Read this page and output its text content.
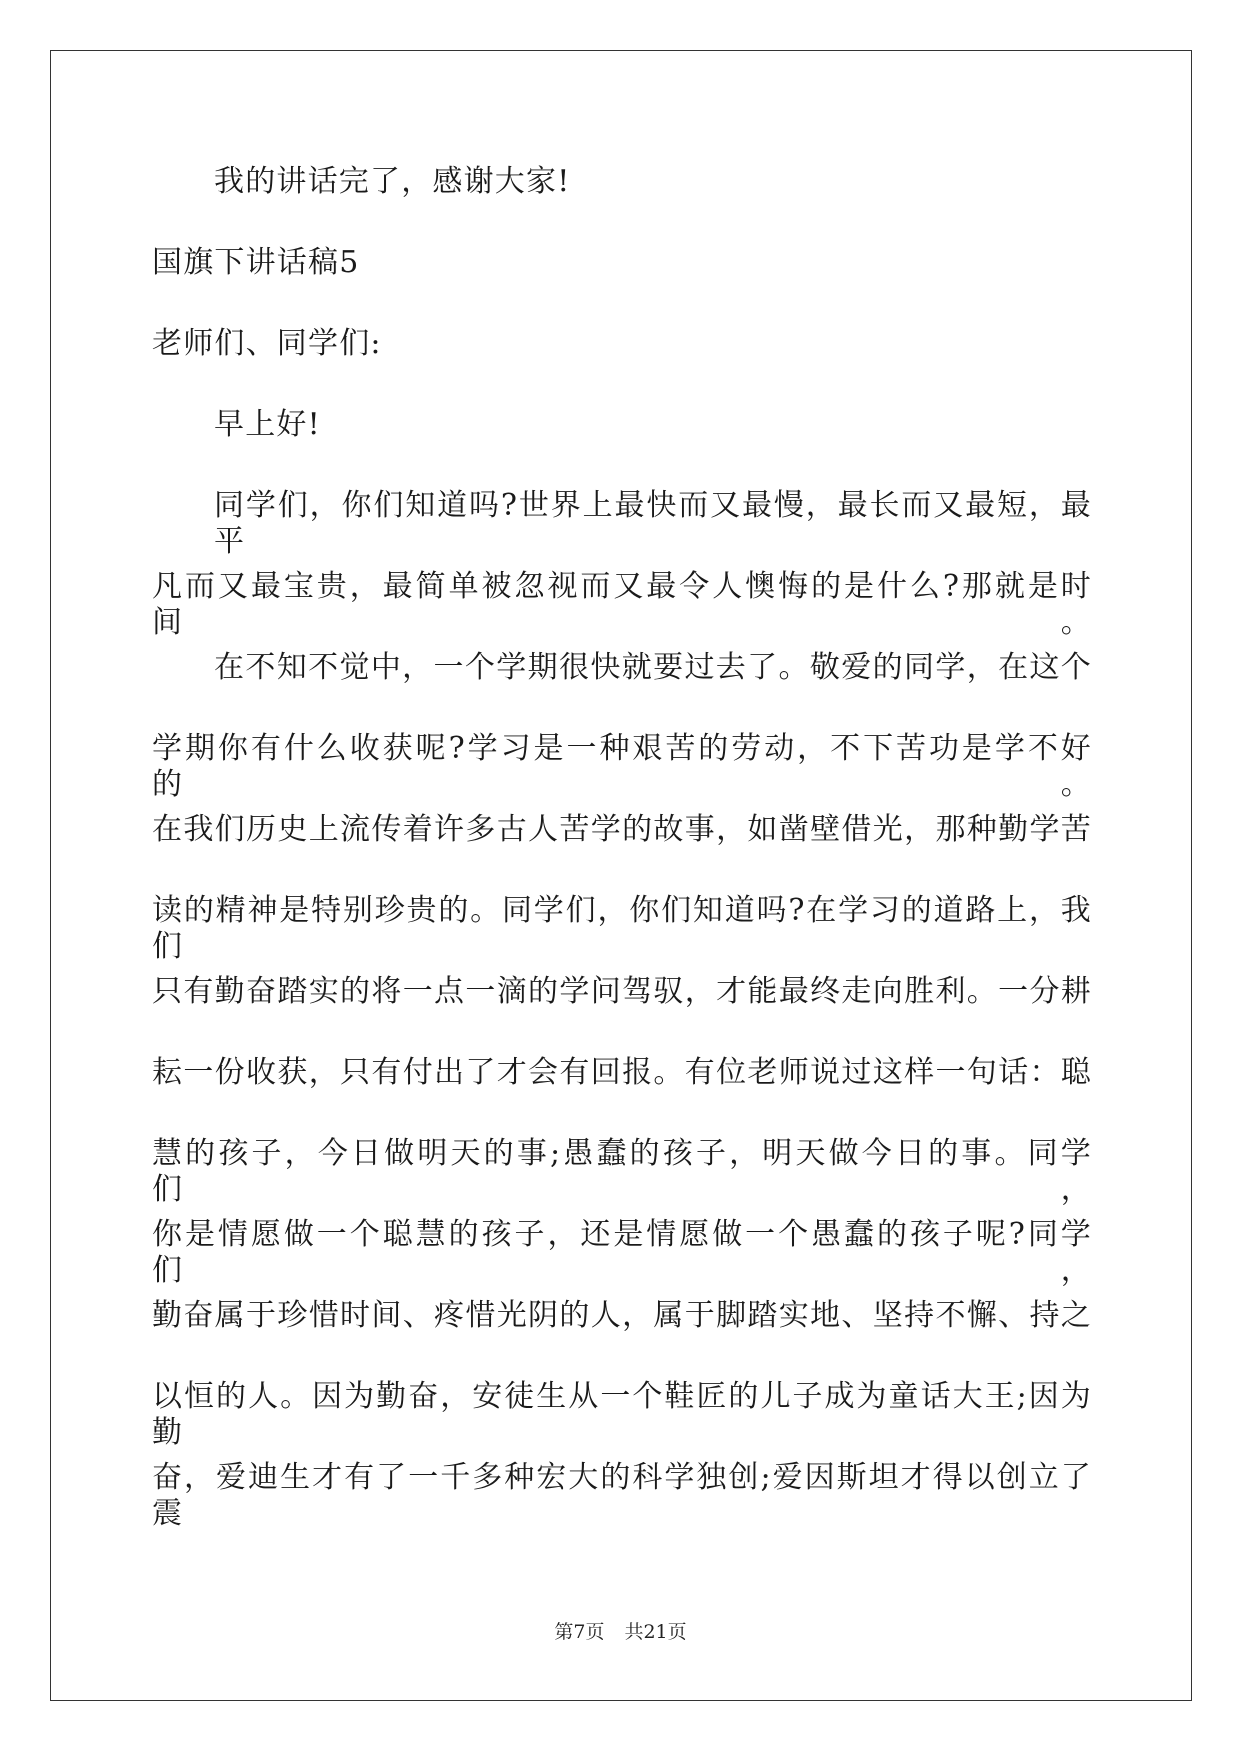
我的讲话完了，感谢大家!
国旗下讲话稿5
老师们、同学们:
早上好!
同学们，你们知道吗?世界上最快而又最慢，最长而又最短，最平
凡而又最宝贵，最简单被忽视而又最令人懊悔的是什么?那就是时间。
在不知不觉中，一个学期很快就要过去了。敬爱的同学，在这个
学期你有什么收获呢?学习是一种艰苦的劳动，不下苦功是学不好的。
在我们历史上流传着许多古人苦学的故事，如凿壁借光，那种勤学苦
读的精神是特别珍贵的。同学们，你们知道吗?在学习的道路上，我们
只有勤奋踏实的将一点一滴的学问驾驭，才能最终走向胜利。一分耕
耘一份收获，只有付出了才会有回报。有位老师说过这样一句话：聪
慧的孩子，今日做明天的事;愚蠢的孩子，明天做今日的事。同学们，
你是情愿做一个聪慧的孩子，还是情愿做一个愚蠢的孩子呢?同学们，
勤奋属于珍惜时间、疼惜光阴的人，属于脚踏实地、坚持不懈、持之
以恒的人。因为勤奋，安徒生从一个鞋匠的儿子成为童话大王;因为勤
奋，爱迪生才有了一千多种宏大的科学独创;爱因斯坦才得以创立了震
第7页 共21页
